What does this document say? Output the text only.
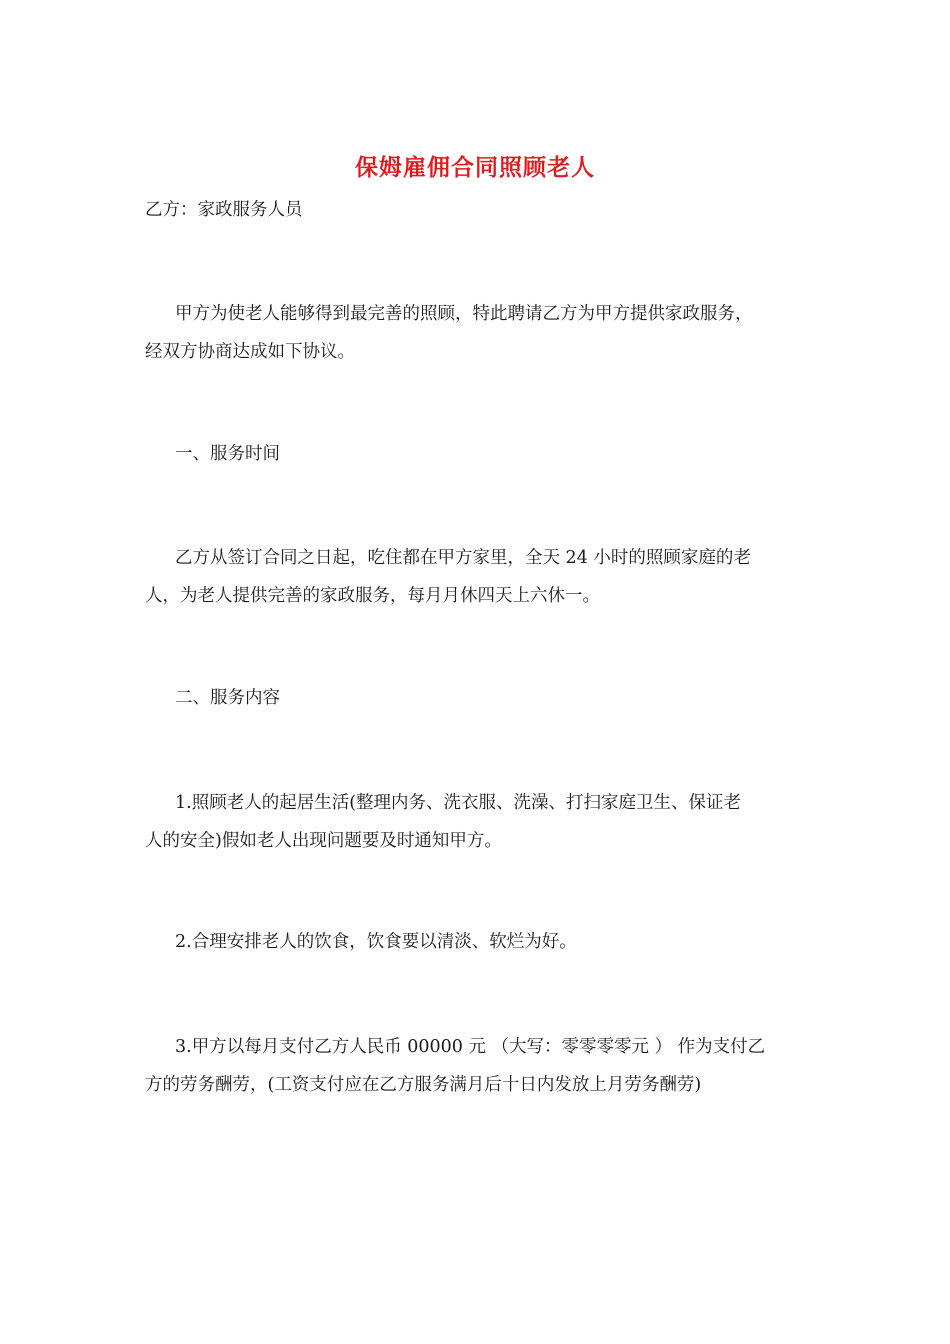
保姆雇佣合同照顾老人
乙方：家政服务人员
甲方为使老人能够得到最完善的照顾，特此聘请乙方为甲方提供家政服务，
经双方协商达成如下协议。
一、服务时间
乙方从签订合同之日起，吃住都在甲方家里，全天 24 小时的照顾家庭的老
人，为老人提供完善的家政服务，每月月休四天上六休一。
二、服务内容
1.照顾老人的起居生活(整理内务、洗衣服、洗澡、打扫家庭卫生、保证老
人的安全)假如老人出现问题要及时通知甲方。
2.合理安排老人的饮食，饮食要以清淡、软烂为好。
3.甲方以每月支付乙方人民币 00000 元 （大写：零零零零元 ） 作为支付乙
方的劳务酬劳，(工资支付应在乙方服务满月后十日内发放上月劳务酬劳)
